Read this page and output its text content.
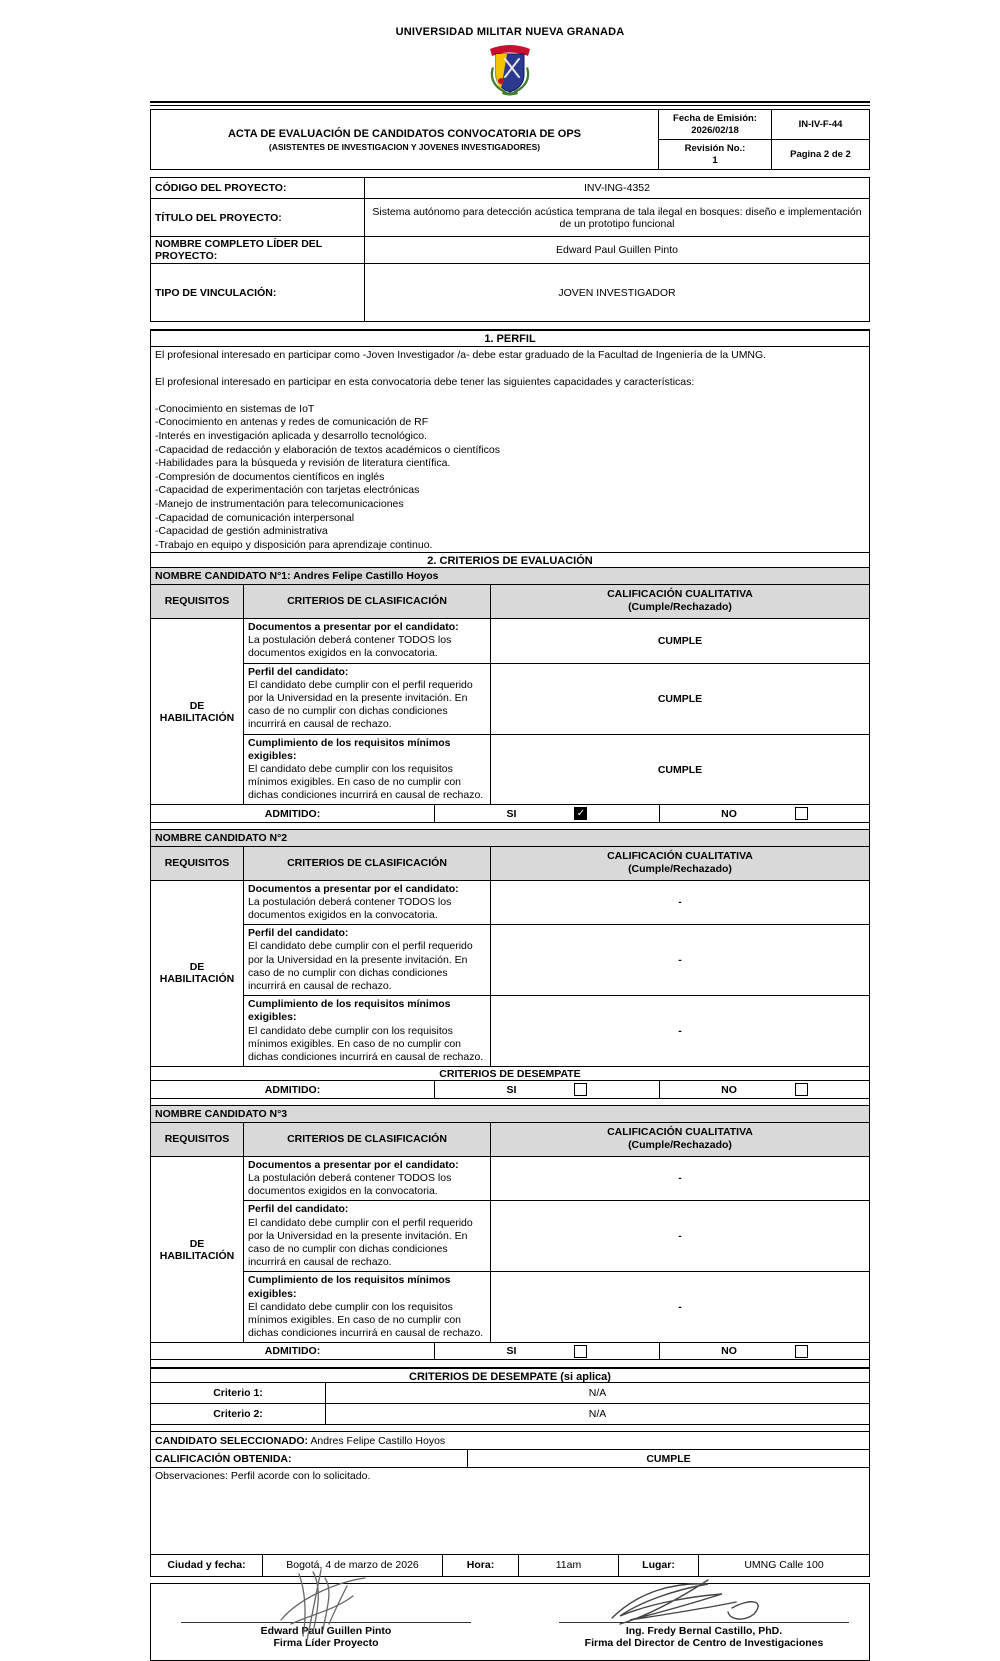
UNIVERSIDAD MILITAR NUEVA GRANADA
ACTA DE EVALUACIÓN DE CANDIDATOS CONVOCATORIA DE OPS
(ASISTENTES DE INVESTIGACION Y JOVENES INVESTIGADORES)

Fecha de Emisión:
2026/02/18
	IN-IV-F-44

	Revisión No.:
1	Pagina 2 de 2
CÓDIGO DEL PROYECTO:	INV-ING-4352
TÍTULO DEL PROYECTO:	Sistema autónomo para detección acústica temprana de tala ilegal en bosques: diseño e implementación de un prototipo funcional
NOMBRE COMPLETO LÍDER DEL PROYECTO:	Edward Paul Guillen Pinto
TIPO DE VINCULACIÓN:	JOVEN INVESTIGADOR
1. PERFIL
El profesional interesado en participar como -Joven Investigador /a- debe estar graduado de la Facultad de Ingeniería de la UMNG.
El profesional interesado en participar en esta convocatoria debe tener las siguientes capacidades y características:
-Conocimiento en sistemas de IoT
-Conocimiento en antenas y redes de comunicación de RF
-Interés en investigación aplicada y desarrollo tecnológico.
-Capacidad de redacción y elaboración de textos académicos o científicos
-Habilidades para la búsqueda y revisión de literatura científica.
-Compresión de documentos científicos en inglés
-Capacidad de experimentación con tarjetas electrónicas
-Manejo de instrumentación para telecomunicaciones
-Capacidad de comunicación interpersonal
-Capacidad de gestión administrativa
-Trabajo en equipo y disposición para aprendizaje continuo.
2. CRITERIOS DE EVALUACIÓN
NOMBRE CANDIDATO N°1: Andres Felipe Castillo Hoyos
REQUISITOS	CRITERIOS DE CLASIFICACIÓN	CALIFICACIÓN CUALITATIVA
(Cumple/Rechazado)

DE HABILITACIÓN	Documentos a presentar por el candidato:
La postulación deberá contener TODOS los documentos exigidos en la convocatoria.	CUMPLE

	Perfil del candidato:
El candidato debe cumplir con el perfil requerido por la Universidad en la presente invitación. En caso de no cumplir con dichas condiciones incurrirá en causal de rechazo.	CUMPLE

	Cumplimiento de los requisitos mínimos exigibles:
El candidato debe cumplir con los requisitos mínimos exigibles. En caso de no cumplir con dichas condiciones incurrirá en causal de rechazo.	CUMPLE
ADMITIDO:	SI	✓	NO
NOMBRE CANDIDATO N°2
REQUISITOS	CRITERIOS DE CLASIFICACIÓN	CALIFICACIÓN CUALITATIVA
(Cumple/Rechazado)

DE HABILITACIÓN	Documentos a presentar por el candidato:
La postulación deberá contener TODOS los documentos exigidos en la convocatoria.	-

	Perfil del candidato:
El candidato debe cumplir con el perfil requerido por la Universidad en la presente invitación. En caso de no cumplir con dichas condiciones incurrirá en causal de rechazo.	-

	Cumplimiento de los requisitos mínimos exigibles:
El candidato debe cumplir con los requisitos mínimos exigibles. En caso de no cumplir con dichas condiciones incurrirá en causal de rechazo.	-
CRITERIOS DE DESEMPATE
ADMITIDO:	SI	NO
NOMBRE CANDIDATO N°3
REQUISITOS	CRITERIOS DE CLASIFICACIÓN	CALIFICACIÓN CUALITATIVA
(Cumple/Rechazado)

DE HABILITACIÓN	Documentos a presentar por el candidato:
La postulación deberá contener TODOS los documentos exigidos en la convocatoria.	-

	Perfil del candidato:
El candidato debe cumplir con el perfil requerido por la Universidad en la presente invitación. En caso de no cumplir con dichas condiciones incurrirá en causal de rechazo.	-

	Cumplimiento de los requisitos mínimos exigibles:
El candidato debe cumplir con los requisitos mínimos exigibles. En caso de no cumplir con dichas condiciones incurrirá en causal de rechazo.	-
ADMITIDO:	SI	NO
CRITERIOS DE DESEMPATE (si aplica)
Criterio 1:	N/A
Criterio 2:	N/A
CANDIDATO SELECCIONADO: Andres Felipe Castillo Hoyos
CALIFICACIÓN OBTENIDA:	CUMPLE
Observaciones: Perfil acorde con lo solicitado.
Ciudad y fecha:	Bogotá, 4 de marzo de 2026	Hora:	11am	Lugar:	UMNG Calle 100
Edward Paul Guillen Pinto
Firma Líder Proyecto
Ing. Fredy Bernal Castillo, PhD.
Firma del Director de Centro de Investigaciones
